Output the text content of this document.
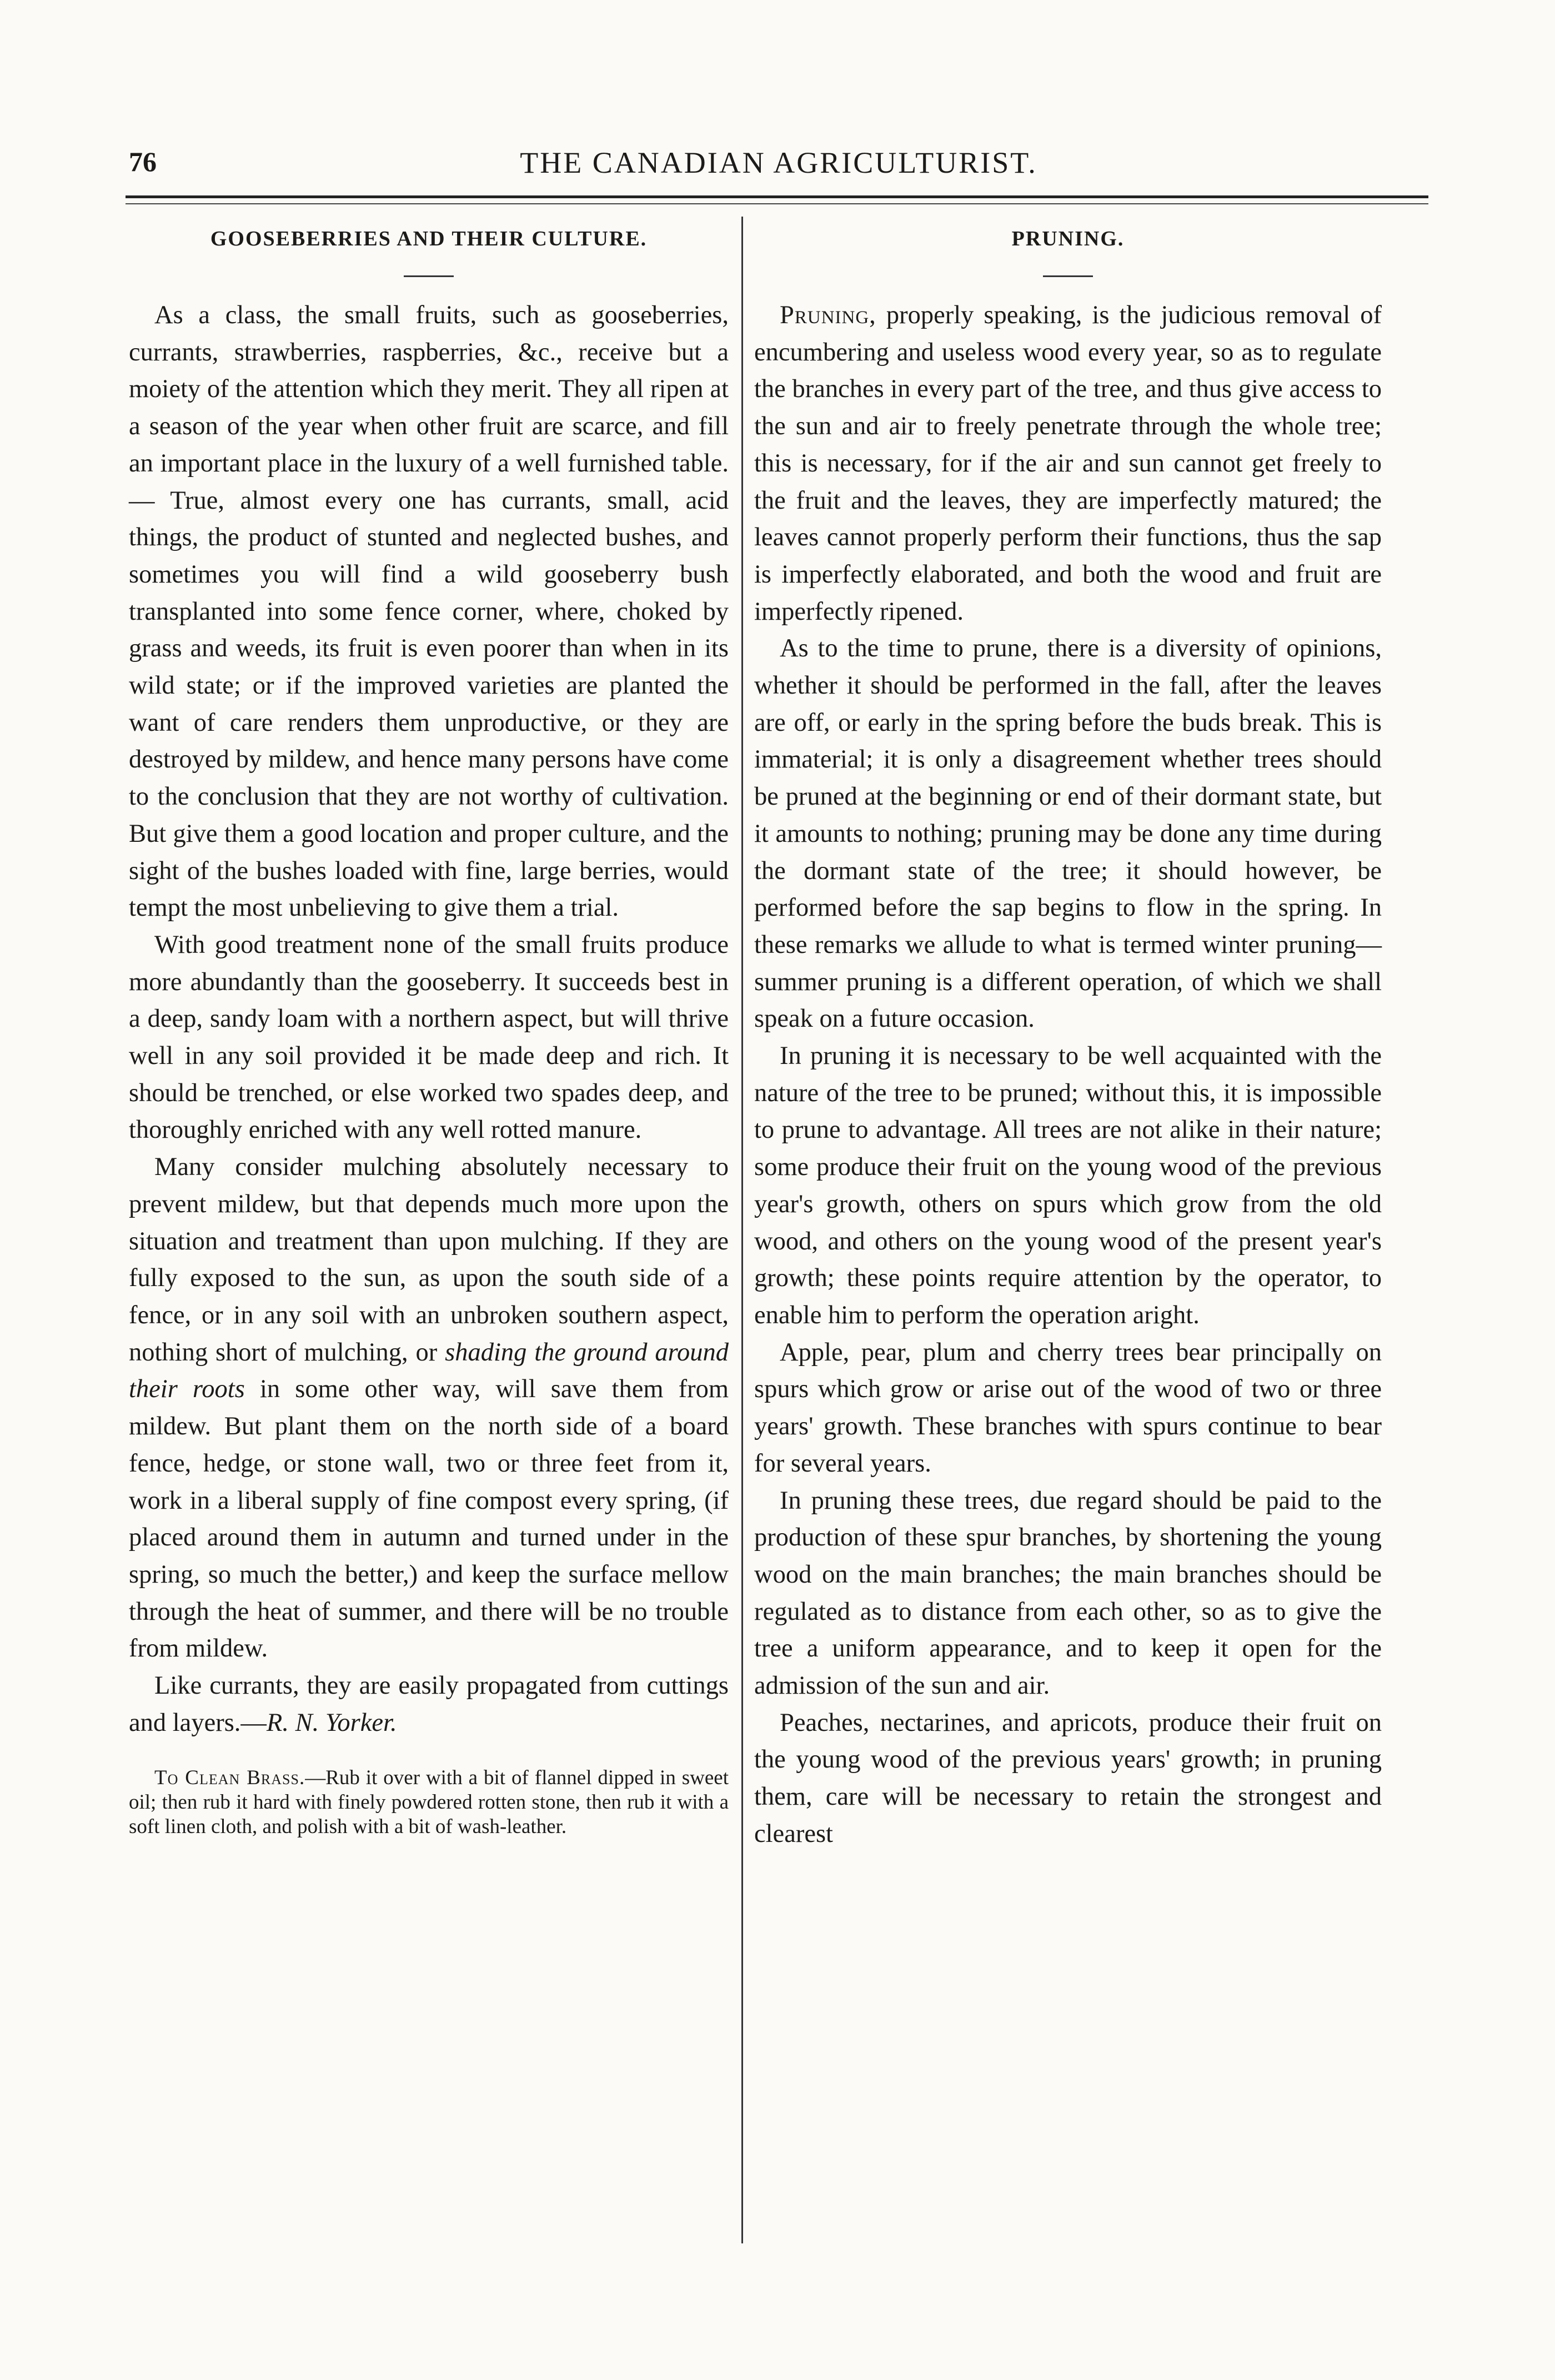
76	THE CANADIAN AGRICULTURIST.
GOOSEBERRIES AND THEIR CULTURE.

As a class, the small fruits, such as gooseberries, currants, strawberries, raspberries, &c., receive but a moiety of the attention which they merit. They all ripen at a season of the year when other fruit are scarce, and fill an important place in the luxury of a well furnished table.— True, almost every one has currants, small, acid things, the product of stunted and neglected bushes, and sometimes you will find a wild gooseberry bush transplanted into some fence corner, where, choked by grass and weeds, its fruit is even poorer than when in its wild state; or if the improved varieties are planted the want of care renders them unproductive, or they are destroyed by mildew, and hence many persons have come to the conclusion that they are not worthy of cultivation. But give them a good location and proper culture, and the sight of the bushes loaded with fine, large berries, would tempt the most unbelieving to give them a trial.

With good treatment none of the small fruits produce more abundantly than the gooseberry. It succeeds best in a deep, sandy loam with a northern aspect, but will thrive well in any soil provided it be made deep and rich. It should be trenched, or else worked two spades deep, and thoroughly enriched with any well rotted manure.

Many consider mulching absolutely necessary to prevent mildew, but that depends much more upon the situation and treatment than upon mulching. If they are fully exposed to the sun, as upon the south side of a fence, or in any soil with an unbroken southern aspect, nothing short of mulching, or shading the ground around their roots in some other way, will save them from mildew. But plant them on the north side of a board fence, hedge, or stone wall, two or three feet from it, work in a liberal supply of fine compost every spring, (if placed around them in autumn and turned under in the spring, so much the better,) and keep the surface mellow through the heat of summer, and there will be no trouble from mildew.

Like currants, they are easily propagated from cuttings and layers.—R. N. Yorker.

To Clean Brass.—Rub it over with a bit of flannel dipped in sweet oil; then rub it hard with finely powdered rotten stone, then rub it with a soft linen cloth, and polish with a bit of wash-leather.

PRUNING.

Pruning, properly speaking, is the judicious removal of encumbering and useless wood every year, so as to regulate the branches in every part of the tree, and thus give access to the sun and air to freely penetrate through the whole tree; this is necessary, for if the air and sun cannot get freely to the fruit and the leaves, they are imperfectly matured; the leaves cannot properly perform their functions, thus the sap is imperfectly elaborated, and both the wood and fruit are imperfectly ripened.

As to the time to prune, there is a diversity of opinions, whether it should be performed in the fall, after the leaves are off, or early in the spring before the buds break. This is immaterial; it is only a disagreement whether trees should be pruned at the beginning or end of their dormant state, but it amounts to nothing; pruning may be done any time during the dormant state of the tree; it should however, be performed before the sap begins to flow in the spring. In these remarks we allude to what is termed winter pruning—summer pruning is a different operation, of which we shall speak on a future occasion.

In pruning it is necessary to be well acquainted with the nature of the tree to be pruned; without this, it is impossible to prune to advantage. All trees are not alike in their nature; some produce their fruit on the young wood of the previous year's growth, others on spurs which grow from the old wood, and others on the young wood of the present year's growth; these points require attention by the operator, to enable him to perform the operation aright.

Apple, pear, plum and cherry trees bear principally on spurs which grow or arise out of the wood of two or three years' growth. These branches with spurs continue to bear for several years.

In pruning these trees, due regard should be paid to the production of these spur branches, by shortening the young wood on the main branches; the main branches should be regulated as to distance from each other, so as to give the tree a uniform appearance, and to keep it open for the admission of the sun and air.

Peaches, nectarines, and apricots, produce their fruit on the young wood of the previous years' growth; in pruning them, care will be necessary to retain the strongest and clearest
